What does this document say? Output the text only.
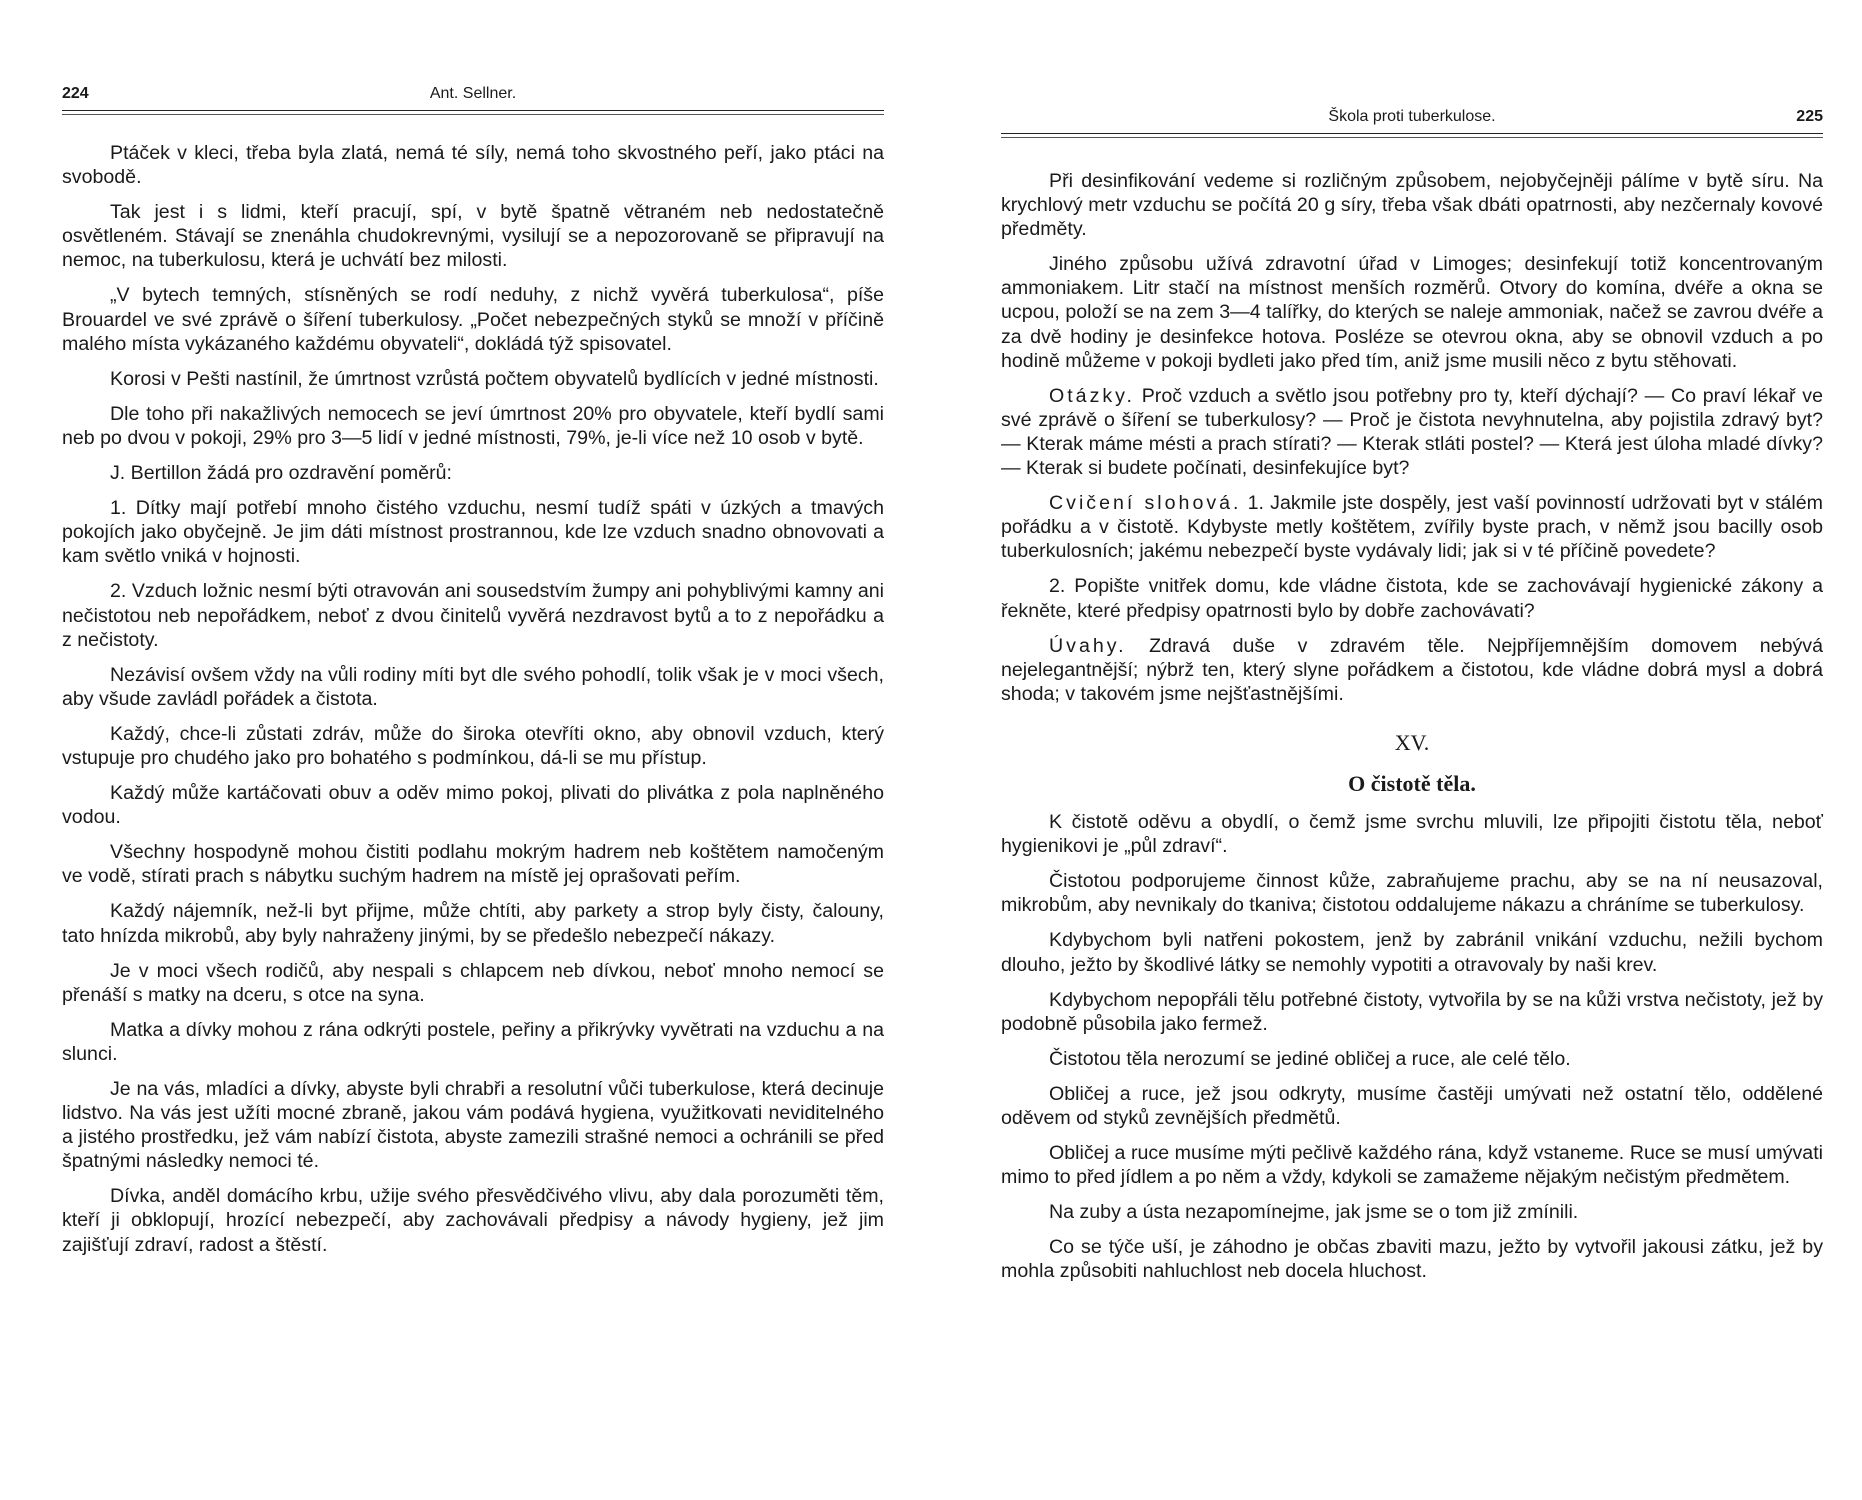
224	Ant. Sellner.

Ptáček v kleci, třeba byla zlatá, nemá té síly, nemá toho skvostného peří, jako ptáci na svobodě.

Tak jest i s lidmi, kteří pracují, spí, v bytě špatně větraném neb nedostatečně osvětleném. Stávají se znenáhla chudokrevnými, vysilují se a nepozorovaně se připravují na nemoc, na tuberkulosu, která je uchvátí bez milosti.

„V bytech temných, stísněných se rodí neduhy, z nichž vyvěrá tuberkulosa“, píše Brouardel ve své zprávě o šíření tuberkulosy. „Počet nebezpečných styků se množí v příčině malého místa vykázaného každému obyvateli“, dokládá týž spisovatel.

Korosi v Pešti nastínil, že úmrtnost vzrůstá počtem obyvatelů bydlících v jedné místnosti.

Dle toho při nakažlivých nemocech se jeví úmrtnost 20% pro obyvatele, kteří bydlí sami neb po dvou v pokoji, 29% pro 3—5 lidí v jedné místnosti, 79%, je-li více než 10 osob v bytě.

J. Bertillon žádá pro ozdravění poměrů:

1. Dítky mají potřebí mnoho čistého vzduchu, nesmí tudíž spáti v úzkých a tmavých pokojích jako obyčejně. Je jim dáti místnost prostrannou, kde lze vzduch snadno obnovovati a kam světlo vniká v hojnosti.

2. Vzduch ložnic nesmí býti otravován ani sousedstvím žumpy ani pohyblivými kamny ani nečistotou neb nepořádkem, neboť z dvou činitelů vyvěrá nezdravost bytů a to z nepořádku a z nečistoty.

Nezávisí ovšem vždy na vůli rodiny míti byt dle svého pohodlí, tolik však je v moci všech, aby všude zavládl pořádek a čistota.

Každý, chce-li zůstati zdráv, může do široka otevříti okno, aby obnovil vzduch, který vstupuje pro chudého jako pro bohatého s podmínkou, dá-li se mu přístup.

Každý může kartáčovati obuv a oděv mimo pokoj, plivati do plivátka z pola naplněného vodou.

Všechny hospodyně mohou čistiti podlahu mokrým hadrem neb koštětem namočeným ve vodě, stírati prach s nábytku suchým hadrem na místě jej oprašovati peřím.

Každý nájemník, než-li byt přijme, může chtíti, aby parkety a strop byly čisty, čalouny, tato hnízda mikrobů, aby byly nahraženy jinými, by se předešlo nebezpečí nákazy.

Je v moci všech rodičů, aby nespali s chlapcem neb dívkou, neboť mnoho nemocí se přenáší s matky na dceru, s otce na syna.

Matka a dívky mohou z rána odkrýti postele, peřiny a přikrývky vyvětrati na vzduchu a na slunci.

Je na vás, mladíci a dívky, abyste byli chrabři a resolutní vůči tuberkulose, která decinuje lidstvo. Na vás jest užíti mocné zbraně, jakou vám podává hygiena, využitkovati neviditelného a jistého prostředku, jež vám nabízí čistota, abyste zamezili strašné nemoci a ochránili se před špatnými následky nemoci té.

Dívka, anděl domácího krbu, užije svého přesvědčivého vlivu, aby dala porozuměti těm, kteří ji obklopují, hrozící nebezpečí, aby zachovávali předpisy a návody hygieny, jež jim zajišťují zdraví, radost a štěstí.

Škola proti tuberkulose.	225

Při desinfikování vedeme si rozličným způsobem, nejobyčejněji pálíme v bytě síru. Na krychlový metr vzduchu se počítá 20 g síry, třeba však dbáti opatrnosti, aby nezčernaly kovové předměty.

Jiného způsobu užívá zdravotní úřad v Limoges; desinfekují totiž koncentrovaným ammoniakem. Litr stačí na místnost menších rozměrů. Otvory do komína, dvéře a okna se ucpou, položí se na zem 3—4 talířky, do kterých se naleje ammoniak, načež se zavrou dvéře a za dvě hodiny je desinfekce hotova. Posléze se otevrou okna, aby se obnovil vzduch a po hodině můžeme v pokoji bydleti jako před tím, aniž jsme musili něco z bytu stěhovati.

Otázky. Proč vzduch a světlo jsou potřebny pro ty, kteří dýchají? — Co praví lékař ve své zprávě o šíření se tuberkulosy? — Proč je čistota nevyhnutelna, aby pojistila zdravý byt? — Kterak máme mésti a prach stírati? — Kterak stláti postel? — Která jest úloha mladé dívky? — Kterak si budete počínati, desinfekujíce byt?

Cvičení slohová. 1. Jakmile jste dospěly, jest vaší povinností udržovati byt v stálém pořádku a v čistotě. Kdybyste metly koštětem, zvířily byste prach, v němž jsou bacilly osob tuberkulosních; jakému nebezpečí byste vydávaly lidi; jak si v té příčině povedete?

2. Popište vnitřek domu, kde vládne čistota, kde se zachovávají hygienické zákony a řekněte, které předpisy opatrnosti bylo by dobře zachovávati?

Úvahy. Zdravá duše v zdravém těle. Nejpříjemnějším domovem nebývá nejelegantnější; nýbrž ten, který slyne pořádkem a čistotou, kde vládne dobrá mysl a dobrá shoda; v takovém jsme nejšťastnějšími.

XV.
O čistotě těla.

K čistotě oděvu a obydlí, o čemž jsme svrchu mluvili, lze připojiti čistotu těla, neboť hygienikovi je „půl zdraví“.

Čistotou podporujeme činnost kůže, zabraňujeme prachu, aby se na ní neusazoval, mikrobům, aby nevnikaly do tkaniva; čistotou oddalujeme nákazu a chráníme se tuberkulosy.

Kdybychom byli natřeni pokostem, jenž by zabránil vnikání vzduchu, nežili bychom dlouho, ježto by škodlivé látky se nemohly vypotiti a otravovaly by naši krev.

Kdybychom nepopřáli tělu potřebné čistoty, vytvořila by se na kůži vrstva nečistoty, jež by podobně působila jako fermež.

Čistotou těla nerozumí se jediné obličej a ruce, ale celé tělo.

Obličej a ruce, jež jsou odkryty, musíme častěji umývati než ostatní tělo, oddělené oděvem od styků zevnějších předmětů.

Obličej a ruce musíme mýti pečlivě každého rána, když vstaneme. Ruce se musí umývati mimo to před jídlem a po něm a vždy, kdykoli se zamažeme nějakým nečistým předmětem.

Na zuby a ústa nezapomínejme, jak jsme se o tom již zmínili.

Co se týče uší, je záhodno je občas zbaviti mazu, ježto by vytvořil jakousi zátku, jež by mohla způsobiti nahluchlost neb docela hluchost.
